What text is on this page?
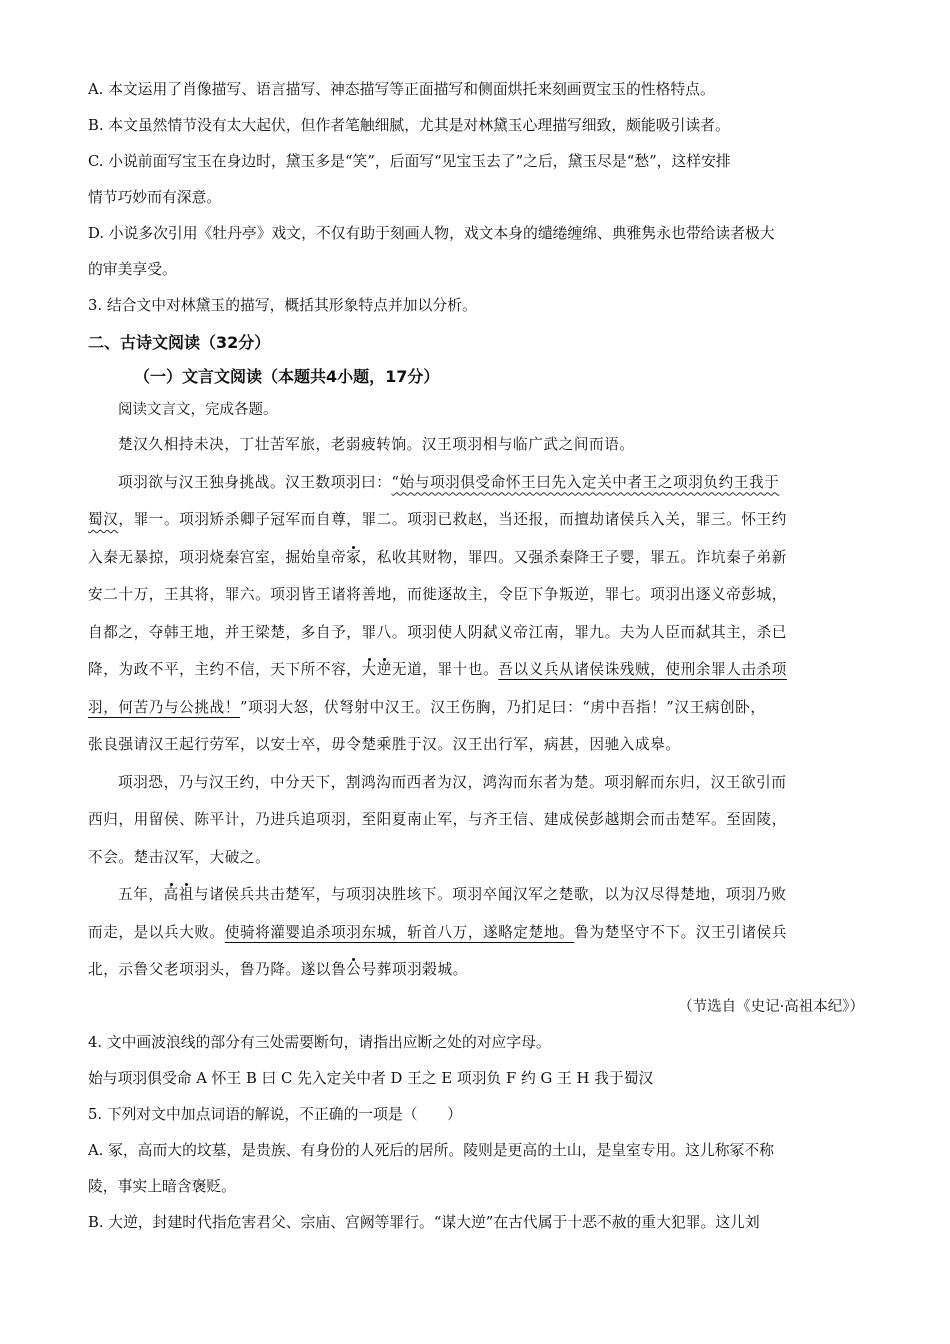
A. 本文运用了肖像描写、语言描写、神态描写等正面描写和侧面烘托来刻画贾宝玉的性格特点。

B. 本文虽然情节没有太大起伏，但作者笔触细腻，尤其是对林黛玉心理描写细致，颇能吸引读者。

C. 小说前面写宝玉在身边时，黛玉多是“笑”，后面写“见宝玉去了”之后，黛玉尽是“愁”，这样安排

情节巧妙而有深意。

D. 小说多次引用《牡丹亭》戏文，不仅有助于刻画人物，戏文本身的缱绻缠绵、典雅隽永也带给读者极大

的审美享受。

3. 结合文中对林黛玉的描写，概括其形象特点并加以分析。

二、古诗文阅读（32分）

（一）文言文阅读（本题共4小题，17分）

阅读文言文，完成各题。

楚汉久相持未决，丁壮苦军旅，老弱疲转饷。汉王项羽相与临广武之间而语。

项羽欲与汉王独身挑战。汉王数项羽曰：“始与项羽俱受命怀王曰先入定关中者王之项羽负约王我于

蜀汉，罪一。项羽矫杀卿子冠军而自尊，罪二。项羽已救赵，当还报，而擅劫诸侯兵入关，罪三。怀王约

入秦无暴掠，项羽烧秦宫室，掘始皇帝冢，私收其财物，罪四。又强杀秦降王子婴，罪五。诈坑秦子弟新

安二十万，王其将，罪六。项羽皆王诸将善地，而徙逐故主，令臣下争叛逆，罪七。项羽出逐义帝彭城，

自都之，夺韩王地，并王梁楚，多自予，罪八。项羽使人阴弑义帝江南，罪九。夫为人臣而弑其主，杀已

降，为政不平，主约不信，天下所不容，大逆无道，罪十也。吾以义兵从诸侯诛残贼，使刑余罪人击杀项

羽，何苦乃与公挑战！”项羽大怒，伏弩射中汉王。汉王伤胸，乃扪足曰：“虏中吾指！”汉王病创卧，

张良强请汉王起行劳军，以安士卒，毋令楚乘胜于汉。汉王出行军，病甚，因驰入成皋。

项羽恐，乃与汉王约，中分天下，割鸿沟而西者为汉，鸿沟而东者为楚。项羽解而东归，汉王欲引而

西归，用留侯、陈平计，乃进兵追项羽，至阳夏南止军，与齐王信、建成侯彭越期会而击楚军。至固陵，

不会。楚击汉军，大破之。

五年，高祖与诸侯兵共击楚军，与项羽决胜垓下。项羽卒闻汉军之楚歌，以为汉尽得楚地，项羽乃败

而走，是以兵大败。使骑将灌婴追杀项羽东城，斩首八万，遂略定楚地。鲁为楚坚守不下。汉王引诸侯兵

北，示鲁父老项羽头，鲁乃降。遂以鲁公号葬项羽榖城。

（节选自《史记·高祖本纪》）

4. 文中画波浪线的部分有三处需要断句，请指出应断之处的对应字母。

始与项羽俱受命 A 怀王 B 曰 C 先入定关中者 D 王之 E 项羽负 F 约 G 王 H 我于蜀汉

5. 下列对文中加点词语的解说，不正确的一项是（　　）

A. 冢，高而大的坟墓，是贵族、有身份的人死后的居所。陵则是更高的土山，是皇室专用。这儿称冢不称

陵，事实上暗含褒贬。

B. 大逆，封建时代指危害君父、宗庙、宫阙等罪行。“谋大逆”在古代属于十恶不赦的重大犯罪。这儿刘
